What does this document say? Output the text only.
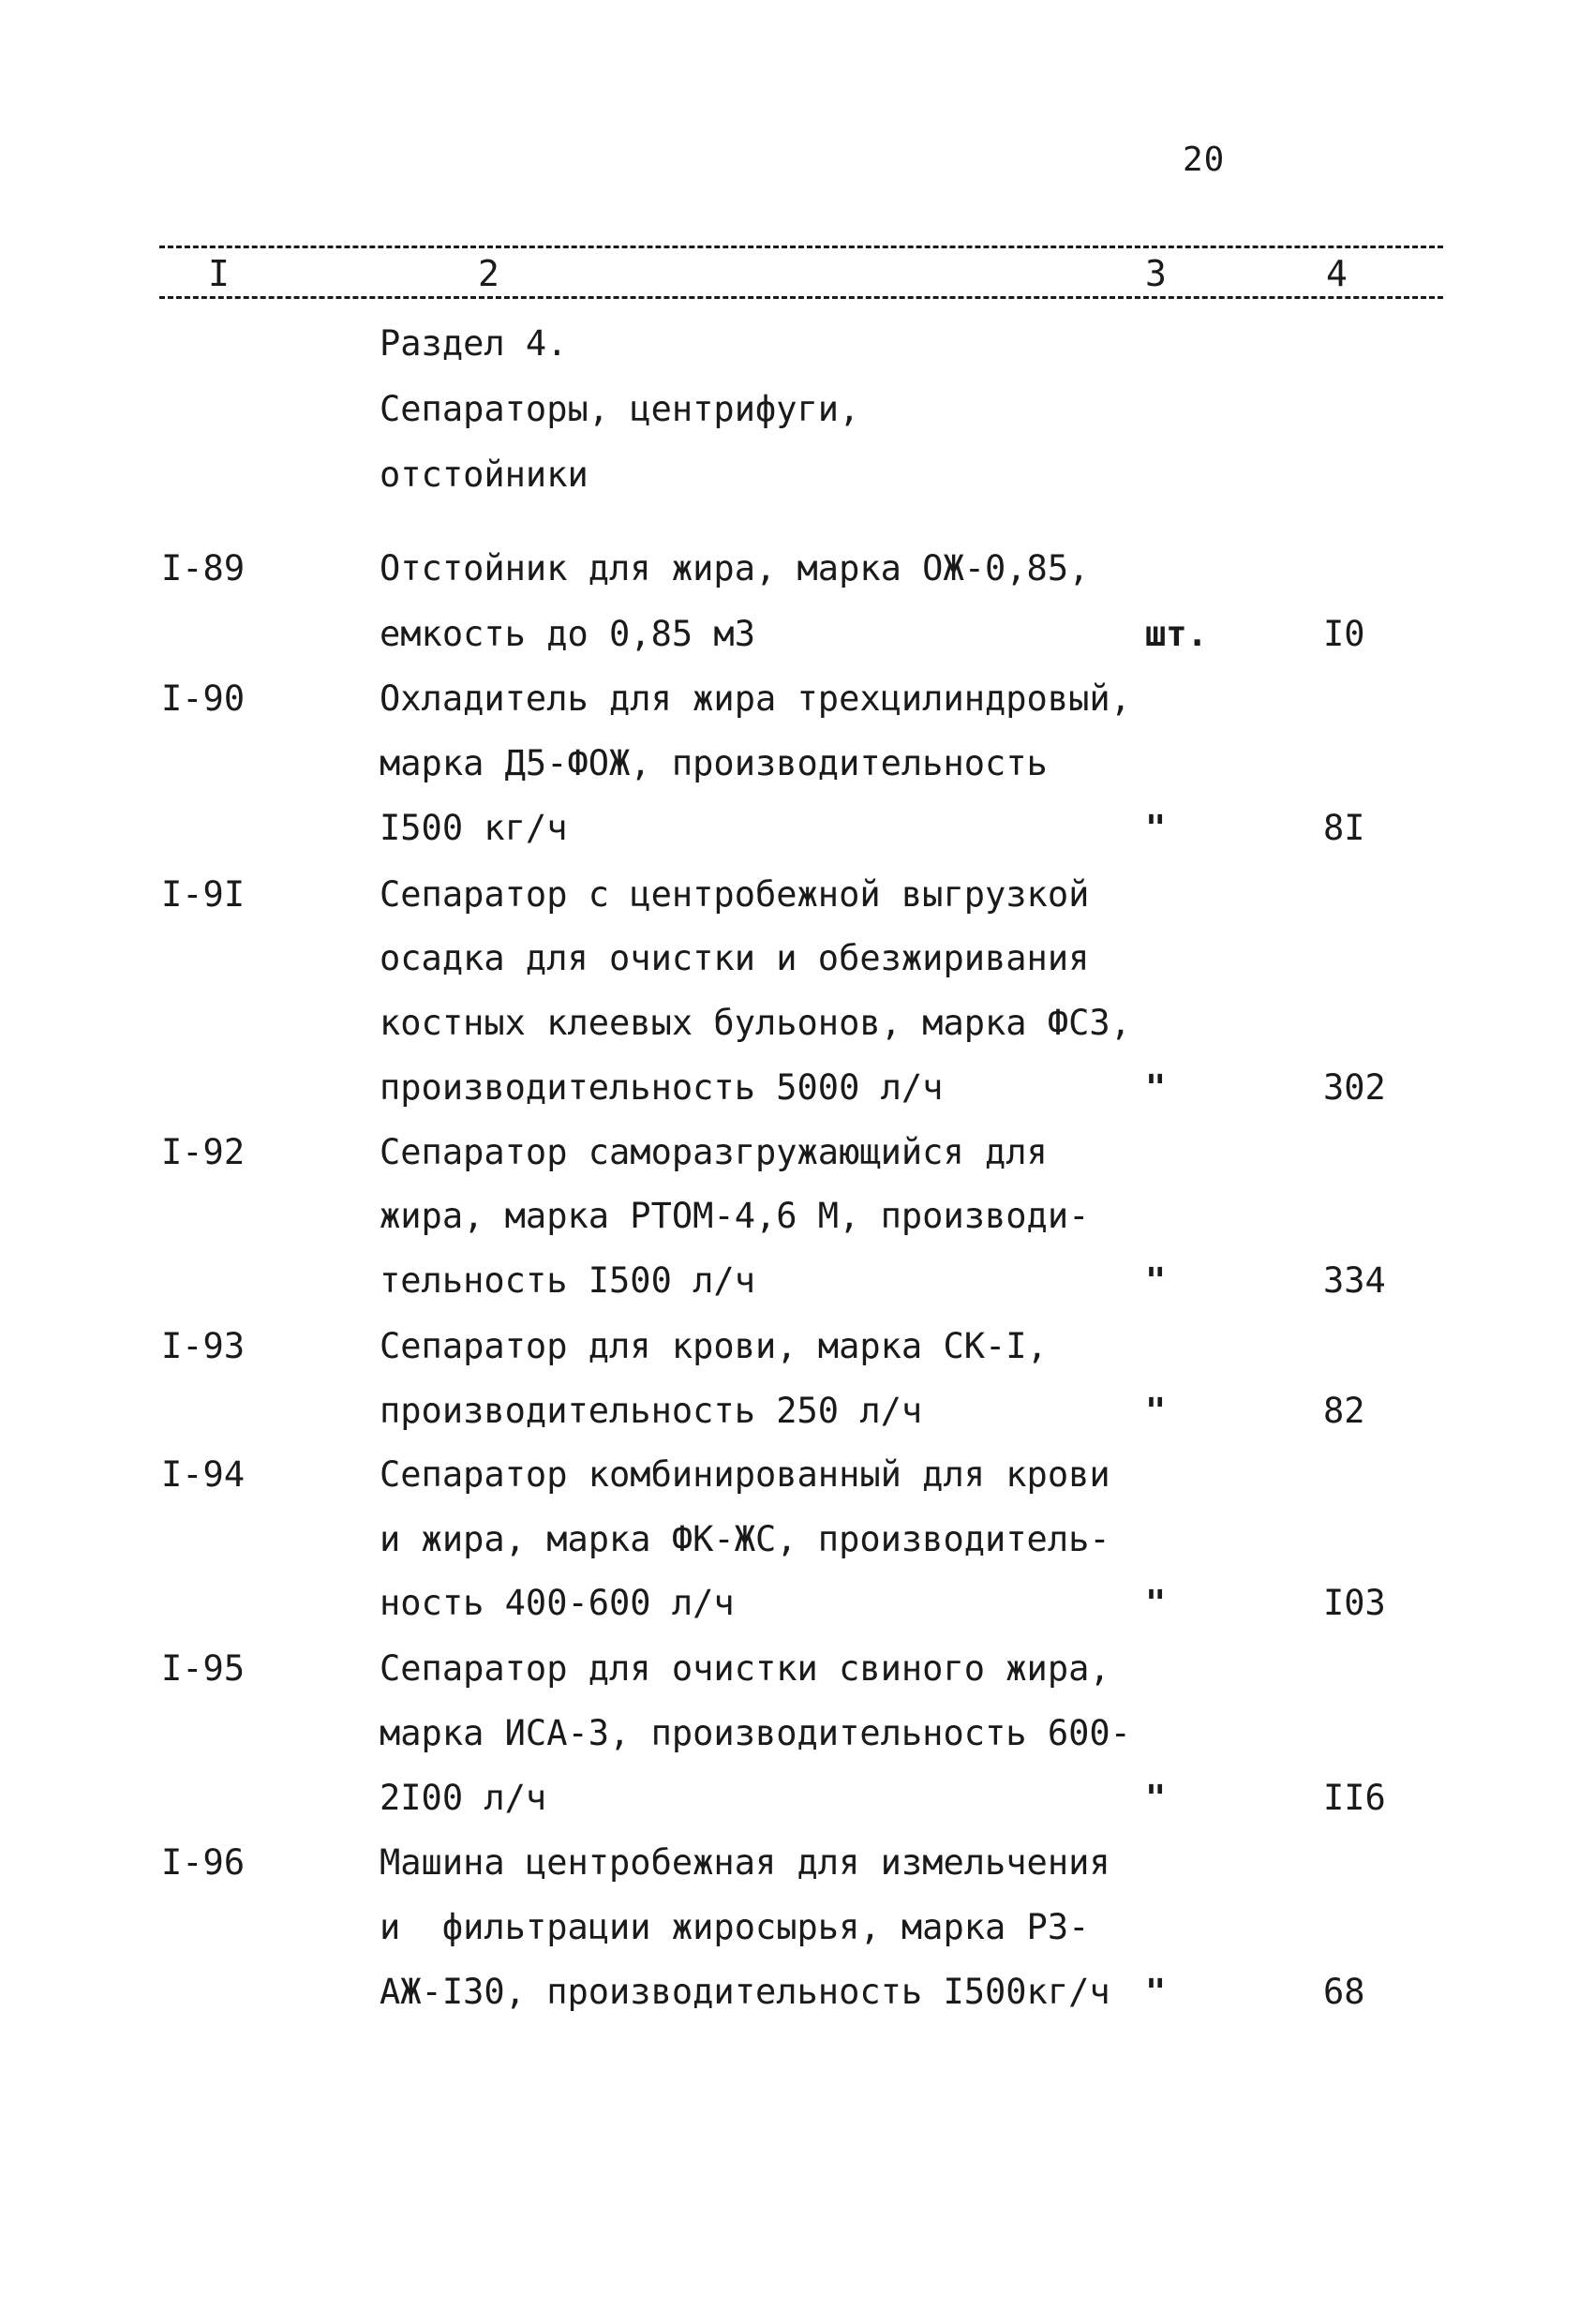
20
I	2	3	4
Раздел 4.
Сепараторы, центрифуги,
отстойники
I-89	Отстойник для жира, марка ОЖ-0,85,
емкость до 0,85 м3	шт.	I0
I-90	Охладитель для жира трехцилиндровый,
марка Д5-ФОЖ, производительность
I500 кг/ч	"	8I
I-9I	Сепаратор с центробежной выгрузкой
осадка для очистки и обезжиривания
костных клеевых бульонов, марка ФСЗ,
производительность 5000 л/ч	"	302
I-92	Сепаратор саморазгружающийся для
жира, марка РТОМ-4,6 М, производи-
тельность I500 л/ч	"	334
I-93	Сепаратор для крови, марка СК-I,
производительность 250 л/ч	"	82
I-94	Сепаратор комбинированный для крови
и жира, марка ФК-ЖС, производитель-
ность 400-600 л/ч	"	I03
I-95	Сепаратор для очистки свиного жира,
марка ИСА-3, производительность 600-
2I00 л/ч	"	II6
I-96	Машина центробежная для измельчения
и  фильтрации жиросырья, марка РЗ-
АЖ-I30, производительность I500кг/ч "	68
